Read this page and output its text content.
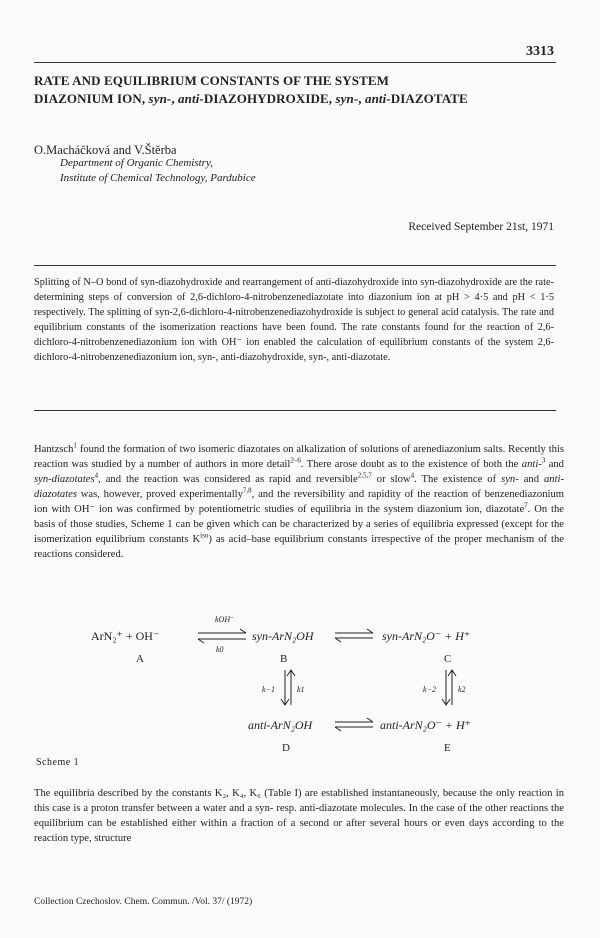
3313
RATE AND EQUILIBRIUM CONSTANTS OF THE SYSTEM
DIAZONIUM ION, syn-, anti-DIAZOHYDROXIDE, syn-, anti-DIAZOTATE
O.Macháčková and V.Štěrba
Department of Organic Chemistry,
Institute of Chemical Technology, Pardubice
Received September 21st, 1971

Splitting of N–O bond of syn-diazohydroxide and rearrangement of anti-diazohydroxide into syn-diazohydroxide are the rate-determining steps of conversion of 2,6-dichloro-4-nitrobenzenediazotate into diazonium ion at pH > 4·5 and pH < 1·5 respectively. The splitting of syn-2,6-dichloro-4-nitrobenzenediazohydroxide is subject to general acid catalysis. The rate and equilibrium constants of the isomerization reactions have been found. The rate constants found for the reaction of 2,6-dichloro-4-nitrobenzenediazonium ion with OH⁻ ion enabled the calculation of equilibrium constants of the system 2,6-dichloro-4-nitrobenzenediazonium ion, syn-, anti-diazohydroxide, syn-, anti-diazotate.

Hantzsch$^1$ found the formation of two isomeric diazotates on alkalization of solutions of arenediazonium salts. Recently this reaction was studied by a number of authors in more detail$^{2-6}$. There arose doubt as to the existence of both the anti-$^3$ and syn-diazotates$^4$, and the reaction was considered as rapid and reversible$^{2,5,7}$ or slow$^4$. The existence of syn- and anti-diazotates was, however, proved experimentally$^{7,8}$, and the reversibility and rapidity of the reaction of benzenediazonium ion with OH⁻ ion was confirmed by potentiometric studies of equilibria in the system diazonium ion, diazotate$^7$. On the basis of those studies, Scheme 1 can be given which can be characterized by a series of equilibria expressed (except for the isomerization equilibrium constants $K^{iso}$) as acid–base equilibrium constants irrespective of the proper mechanism of the reactions considered.

ArN₂⁺ + OH⁻
A
kOH⁻
k0
syn-ArN₂OH
B
syn-ArN₂O⁻ + H⁺
C
k−1	k1	k−2	k2
anti-ArN₂OH
D
anti-ArN₂O⁻ + H⁺
E
Scheme 1

The equilibria described by the constants K₂, K₄, K₆ (Table I) are established instantaneously, because the only reaction in this case is a proton transfer between a water and a syn- resp. anti-diazotate molecules. In the case of the other reactions the equilibrium can be established either within a fraction of a second or after several hours or even days according to the reaction type, structure

Collection Czechoslov. Chem. Commun. /Vol. 37/ (1972)
